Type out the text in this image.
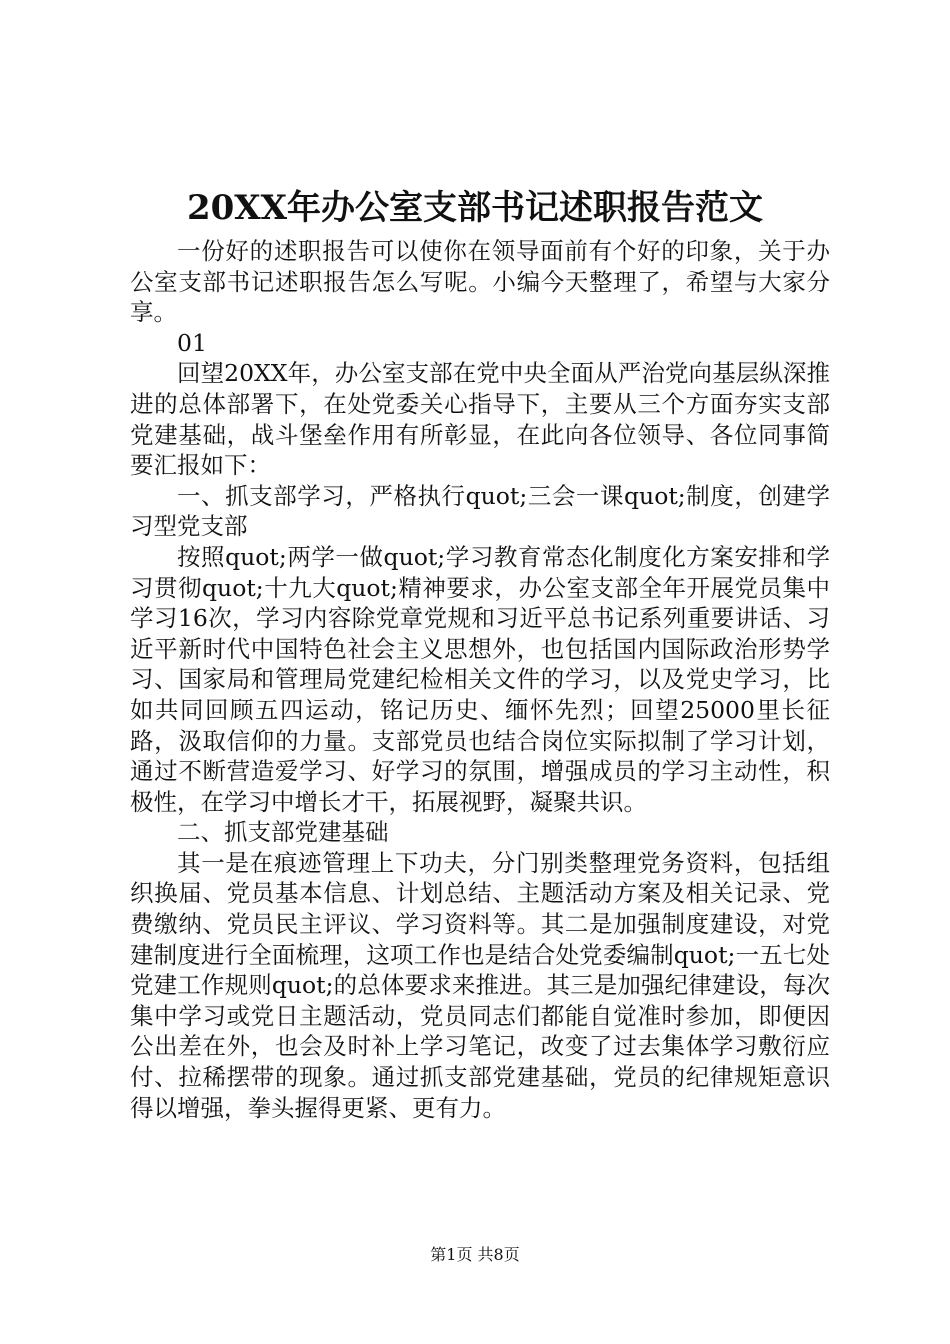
20XX年办公室支部书记述职报告范文

一份好的述职报告可以使你在领导面前有个好的印象，关于办公室支部书记述职报告怎么写呢。小编今天整理了，希望与大家分享。

01

回望20XX年，办公室支部在党中央全面从严治党向基层纵深推进的总体部署下，在处党委关心指导下，主要从三个方面夯实支部党建基础，战斗堡垒作用有所彰显，在此向各位领导、各位同事简要汇报如下：

一、抓支部学习，严格执行quot;三会一课quot;制度，创建学习型党支部

按照quot;两学一做quot;学习教育常态化制度化方案安排和学习贯彻quot;十九大quot;精神要求，办公室支部全年开展党员集中学习16次，学习内容除党章党规和习近平总书记系列重要讲话、习近平新时代中国特色社会主义思想外，也包括国内国际政治形势学习、国家局和管理局党建纪检相关文件的学习，以及党史学习，比如共同回顾五四运动，铭记历史、缅怀先烈；回望25000里长征路，汲取信仰的力量。支部党员也结合岗位实际拟制了学习计划，通过不断营造爱学习、好学习的氛围，增强成员的学习主动性，积极性，在学习中增长才干，拓展视野，凝聚共识。

二、抓支部党建基础

其一是在痕迹管理上下功夫，分门别类整理党务资料，包括组织换届、党员基本信息、计划总结、主题活动方案及相关记录、党费缴纳、党员民主评议、学习资料等。其二是加强制度建设，对党建制度进行全面梳理，这项工作也是结合处党委编制quot;一五七处党建工作规则quot;的总体要求来推进。其三是加强纪律建设，每次集中学习或党日主题活动，党员同志们都能自觉准时参加，即便因公出差在外，也会及时补上学习笔记，改变了过去集体学习敷衍应付、拉稀摆带的现象。通过抓支部党建基础，党员的纪律规矩意识得以增强，拳头握得更紧、更有力。

第1页 共8页
